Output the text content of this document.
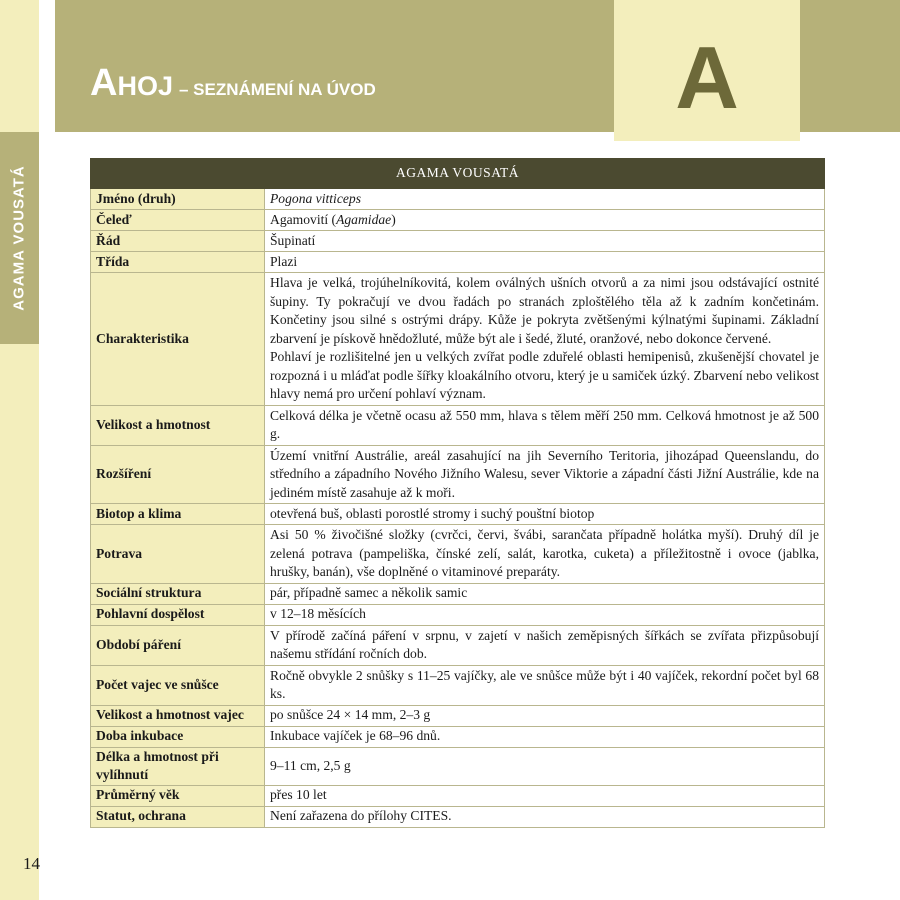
AGAMA VOUSATÁ
Ahoj – SEZNÁMENÍ NA ÚVOD	A
AGAMA VOUSATÁ	
Jméno (druh)	Pogona vitticeps
Čeleď	Agamovití (Agamidae)
Řád	Šupinatí
Třída	Plazi
Charakteristika	Hlava je velká, trojúhelníkovitá, kolem oválných ušních otvorů a za nimi jsou odstávající ostnité šupiny. Ty pokračují ve dvou řadách po stranách zploštělého těla až k zadním končetinám. Končetiny jsou silné s ostrými drápy. Kůže je pokryta zvětšenými kýlnatými šupinami. Základní zbarvení je pískově hnědožluté, může být ale i šedé, žluté, oranžové, nebo dokonce červené.
Pohlaví je rozlišitelné jen u velkých zvířat podle zduřelé oblasti hemipenisů, zkušenější chovatel je rozpozná i u mláďat podle šířky kloakálního otvoru, který je u samiček úzký. Zbarvení nebo velikost hlavy nemá pro určení pohlaví význam.

Velikost a hmotnost	Celková délka je včetně ocasu až 550 mm, hlava s tělem měří 250 mm. Celková hmotnost je až 500 g.
Rozšíření	Území vnitřní Austrálie, areál zasahující na jih Severního Teritoria, jihozápad Queenslandu, do středního a západního Nového Jižního Walesu, sever Viktorie a západní části Jižní Austrálie, kde na jediném místě zasahuje až k moři.
Biotop a klima	otevřená buš, oblasti porostlé stromy i suchý pouštní biotop
Potrava	Asi 50 % živočišné složky (cvrčci, červi, švábi, sarančata případně holátka myší). Druhý díl je zelená potrava (pampeliška, čínské zelí, salát, karotka, cuketa) a příležitostně i ovoce (jablka, hrušky, banán), vše doplněné o vitaminové preparáty.
Sociální struktura	pár, případně samec a několik samic
Pohlavní dospělost	v 12–18 měsících
Období páření	V přírodě začíná páření v srpnu, v zajetí v našich zeměpisných šířkách se zvířata přizpůsobují našemu střídání ročních dob.
Počet vajec ve snůšce	Ročně obvykle 2 snůšky s 11–25 vajíčky, ale ve snůšce může být i 40 vajíček, rekordní počet byl 68 ks.
Velikost a hmotnost vajec	po snůšce 24 × 14 mm, 2–3 g
Doba inkubace	Inkubace vajíček je 68–96 dnů.
Délka a hmotnost při vylíhnutí	9–11 cm, 2,5 g
Průměrný věk	přes 10 let
Statut, ochrana	Není zařazena do přílohy CITES.
14
